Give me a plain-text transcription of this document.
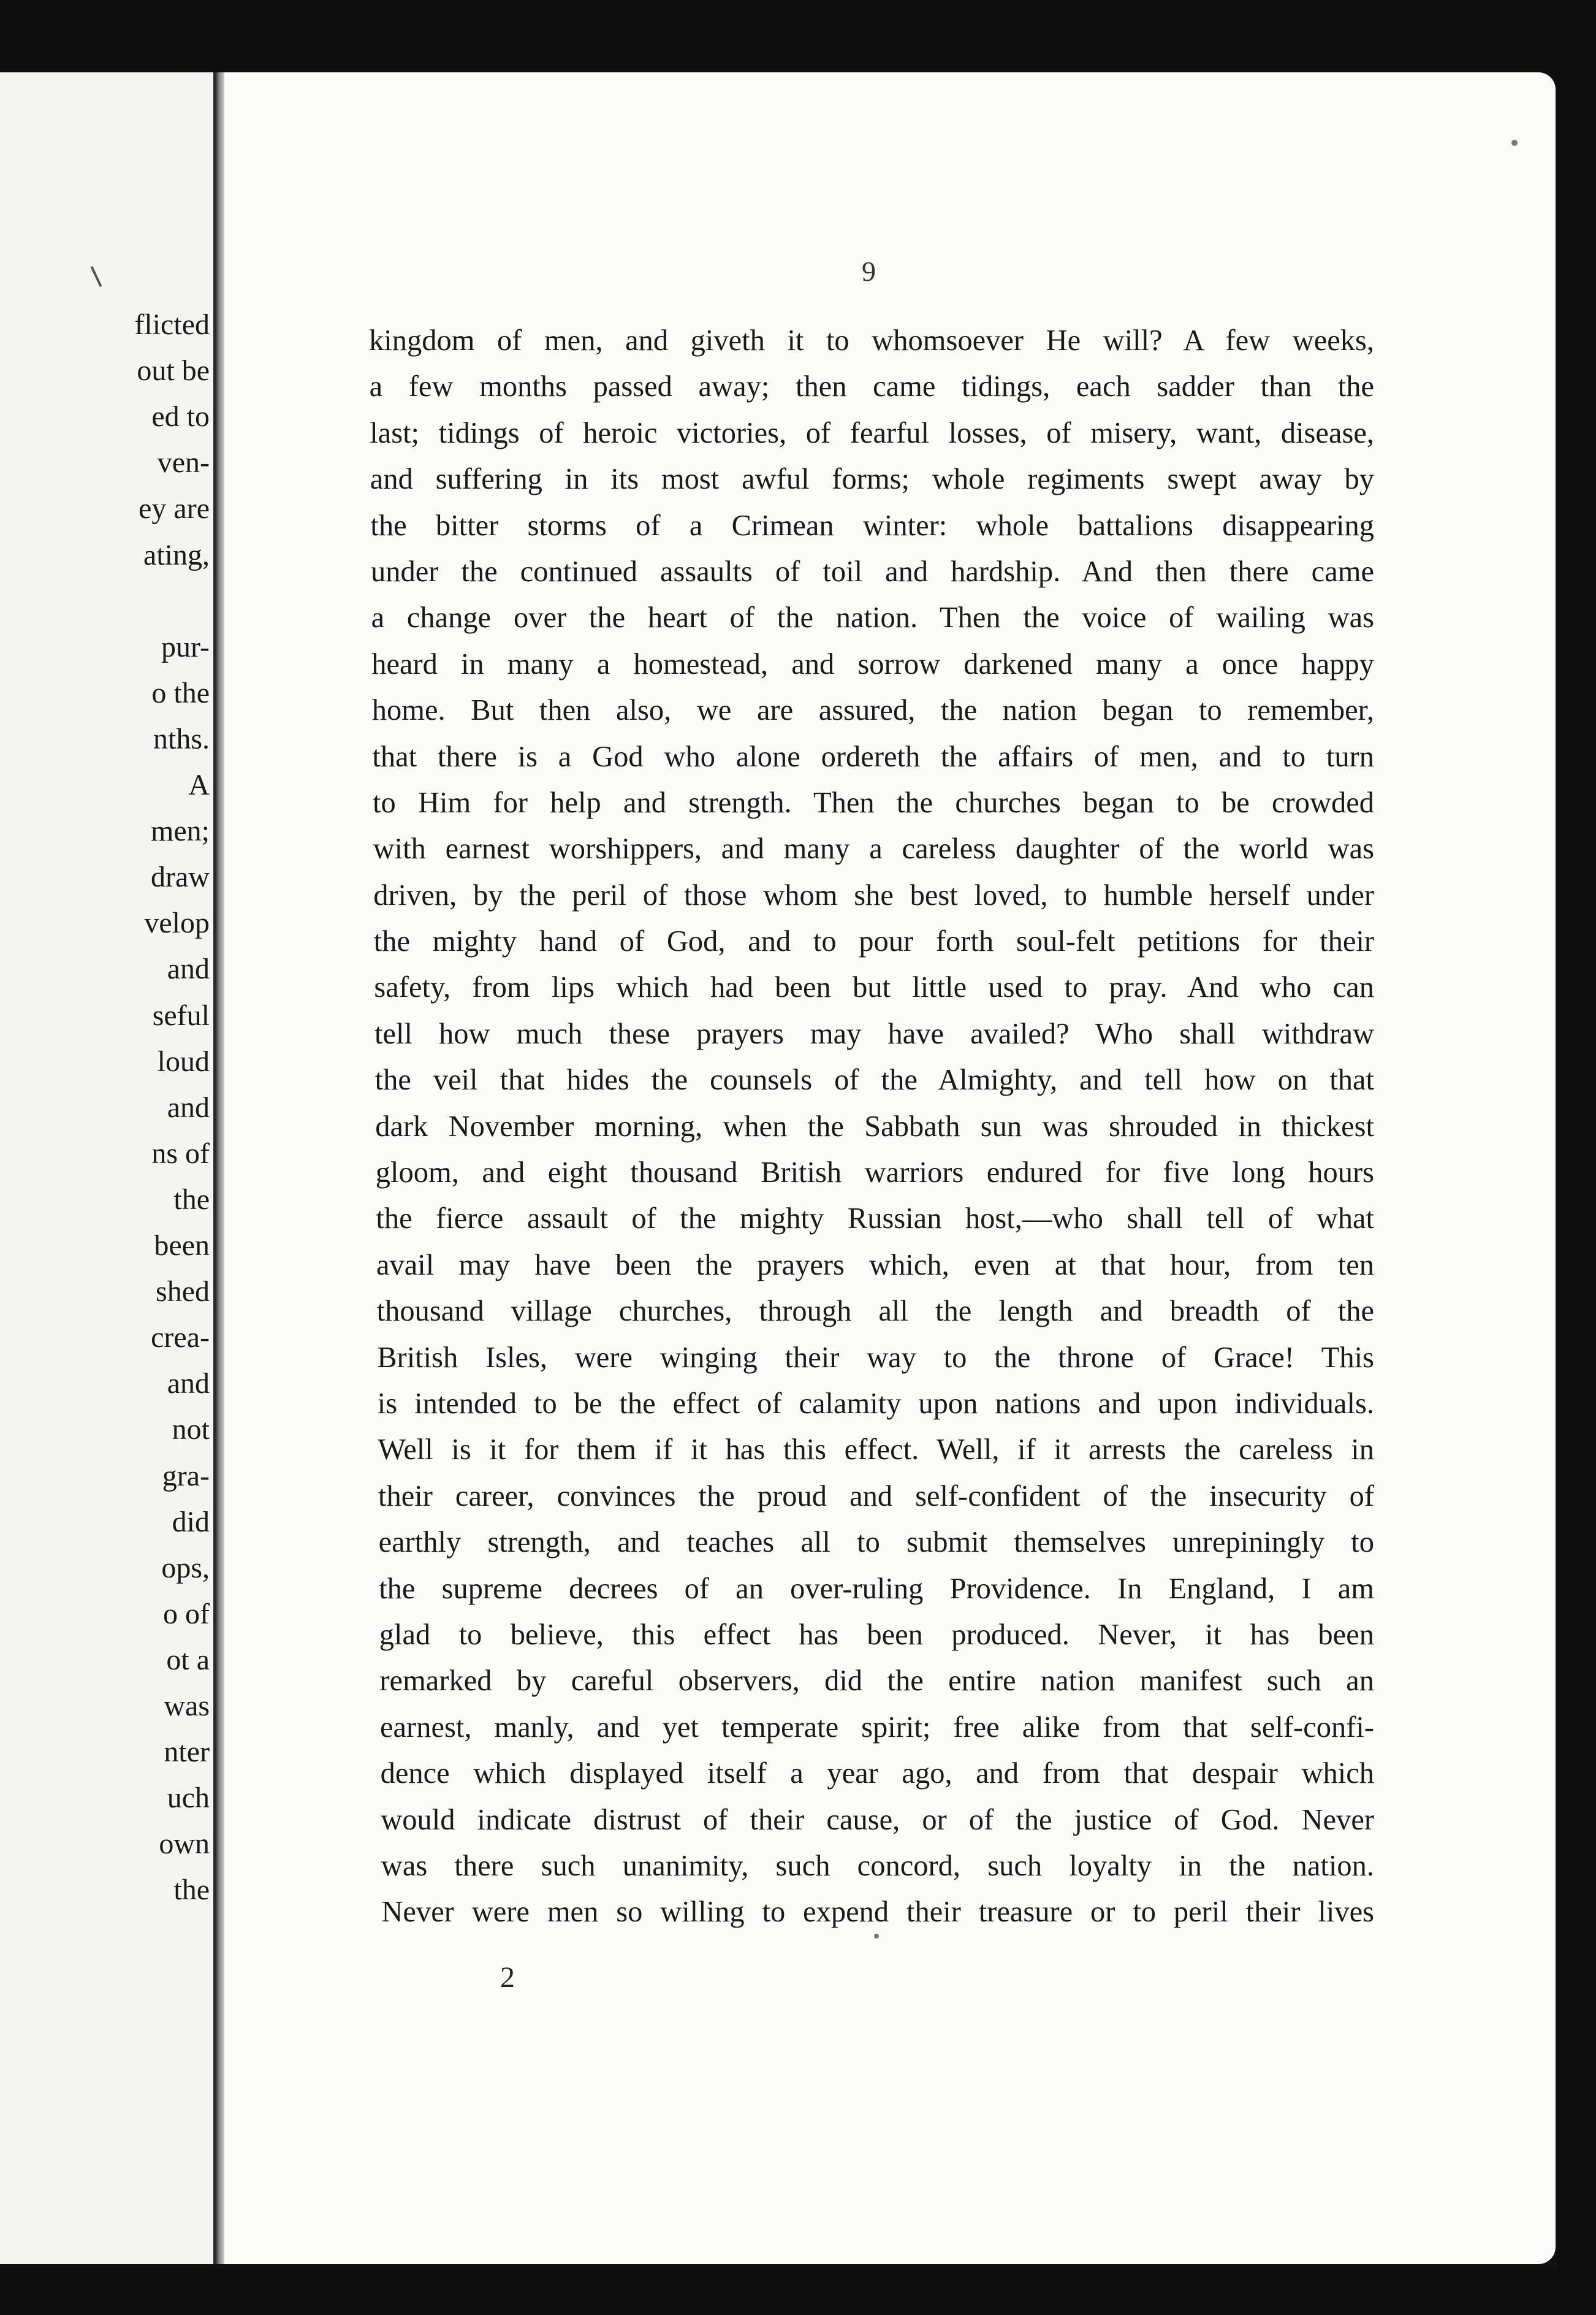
flicted
out be
ed to
ven-
ey are
ating,
pur-
o the
nths.
A
men;
draw
velop
and
seful
loud
and
ns of
the
been
shed
crea-
and
not
gra-
did
ops,
o of
ot a
was
nter
uch
own
the
9
kingdom of men, and giveth it to whomsoever He will? A few weeks,
a few months passed away; then came tidings, each sadder than the
last; tidings of heroic victories, of fearful losses, of misery, want, disease,
and suffering in its most awful forms; whole regiments swept away by
the bitter storms of a Crimean winter: whole battalions disappearing
under the continued assaults of toil and hardship. And then there came
a change over the heart of the nation. Then the voice of wailing was
heard in many a homestead, and sorrow darkened many a once happy
home. But then also, we are assured, the nation began to remember,
that there is a God who alone ordereth the affairs of men, and to turn
to Him for help and strength. Then the churches began to be crowded
with earnest worshippers, and many a careless daughter of the world was
driven, by the peril of those whom she best loved, to humble herself under
the mighty hand of God, and to pour forth soul-felt petitions for their
safety, from lips which had been but little used to pray. And who can
tell how much these prayers may have availed? Who shall withdraw
the veil that hides the counsels of the Almighty, and tell how on that
dark November morning, when the Sabbath sun was shrouded in thickest
gloom, and eight thousand British warriors endured for five long hours
the fierce assault of the mighty Russian host,—who shall tell of what
avail may have been the prayers which, even at that hour, from ten
thousand village churches, through all the length and breadth of the
British Isles, were winging their way to the throne of Grace! This
is intended to be the effect of calamity upon nations and upon individuals.
Well is it for them if it has this effect. Well, if it arrests the careless in
their career, convinces the proud and self-confident of the insecurity of
earthly strength, and teaches all to submit themselves unrepiningly to
the supreme decrees of an over-ruling Providence. In England, I am
glad to believe, this effect has been produced. Never, it has been
remarked by careful observers, did the entire nation manifest such an
earnest, manly, and yet temperate spirit; free alike from that self-confi-
dence which displayed itself a year ago, and from that despair which
would indicate distrust of their cause, or of the justice of God. Never
was there such unanimity, such concord, such loyalty in the nation.
Never were men so willing to expend their treasure or to peril their lives
2
